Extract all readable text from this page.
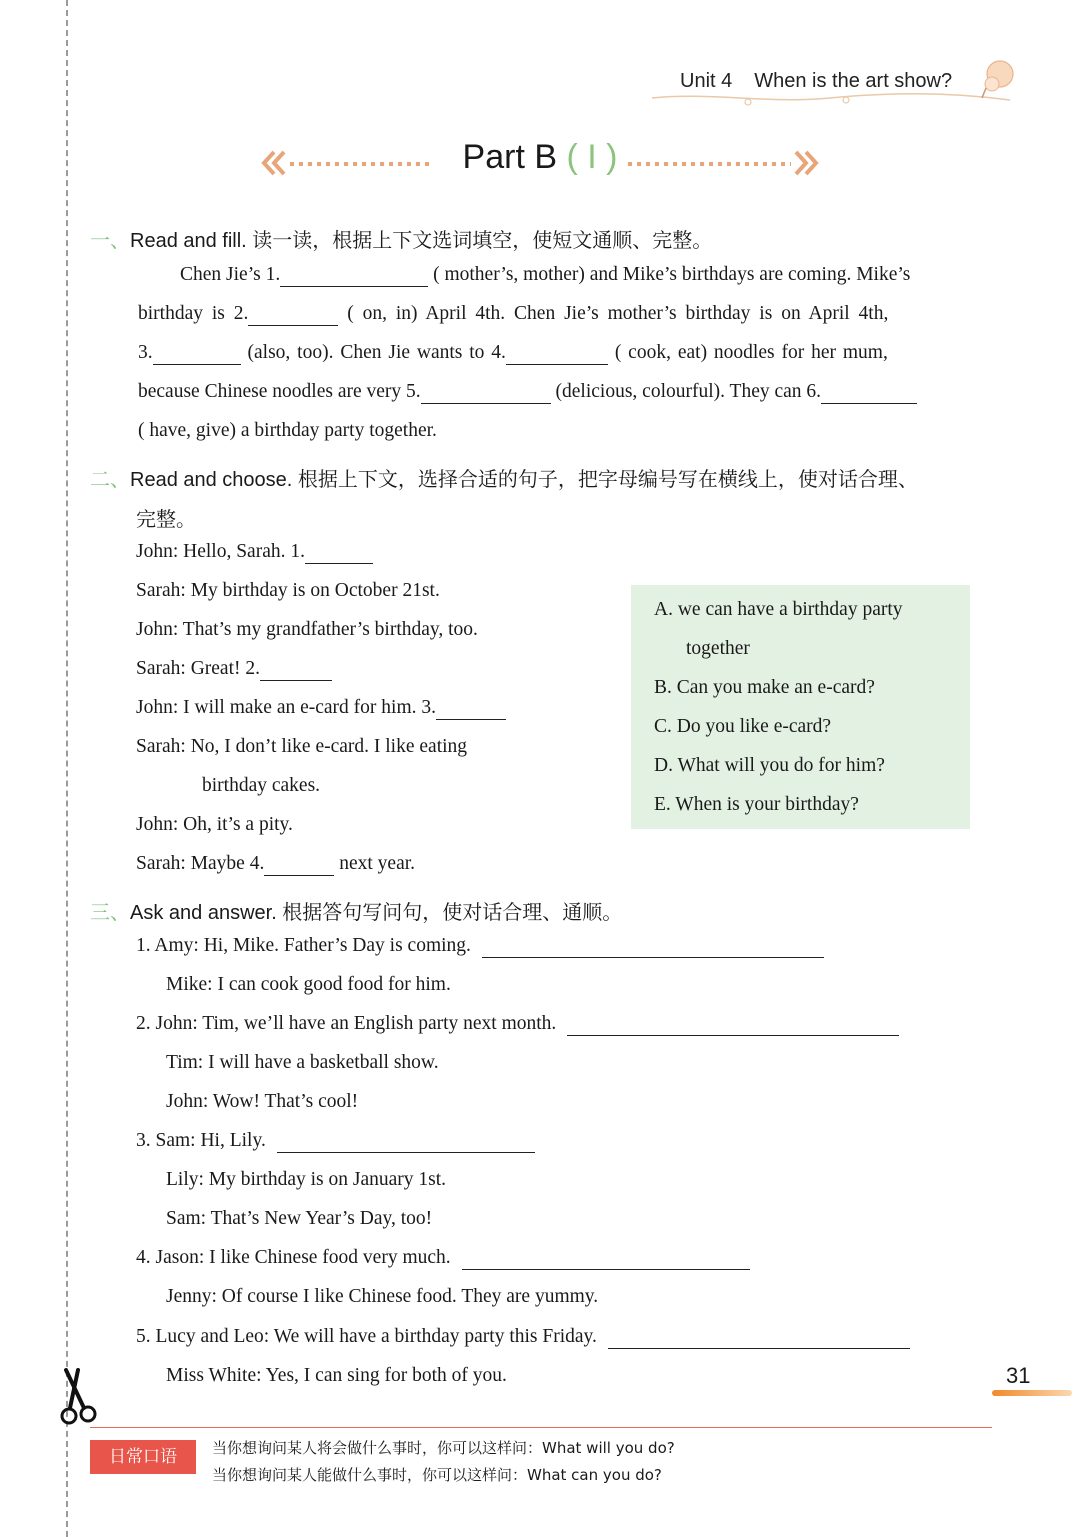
Unit 4 When is the art show?
Part B ( I )
一、Read and fill. 读一读，根据上下文选词填空，使短文通顺、完整。
Chen Jie’s 1.	( mother’s, mother) and Mike’s birthdays are coming. Mike’s
birthday is 2.	( on, in) April 4th. Chen Jie’s mother’s birthday is on April 4th,
3.	(also, too). Chen Jie wants to 4.	( cook, eat) noodles for her mum,
because Chinese noodles are very 5.	(delicious, colourful). They can 6.
( have, give) a birthday party together.
二、Read and choose. 根据上下文，选择合适的句子，把字母编号写在横线上，使对话合理、
完整。
John: Hello, Sarah. 1.
Sarah: My birthday is on October 21st.
John: That’s my grandfather’s birthday, too.
Sarah: Great! 2.
John: I will make an e-card for him. 3.
Sarah: No, I don’t like e-card. I like eating
birthday cakes.
John: Oh, it’s a pity.
Sarah: Maybe 4.	next year.
A. we can have a birthday party
together
B. Can you make an e-card?
C. Do you like e-card?
D. What will you do for him?
E. When is your birthday?
三、Ask and answer. 根据答句写问句，使对话合理、通顺。
1. Amy: Hi, Mike. Father’s Day is coming.
Mike: I can cook good food for him.
2. John: Tim, we’ll have an English party next month.
Tim: I will have a basketball show.
John: Wow! That’s cool!
3. Sam: Hi, Lily.
Lily: My birthday is on January 1st.
Sam: That’s New Year’s Day, too!
4. Jason: I like Chinese food very much.
Jenny: Of course I like Chinese food. They are yummy.
5. Lucy and Leo: We will have a birthday party this Friday.
Miss White: Yes, I can sing for both of you.	31
日常口语	当你想询问某人将会做什么事时，你可以这样问：What will you do?
当你想询问某人能做什么事时，你可以这样问：What can you do?
